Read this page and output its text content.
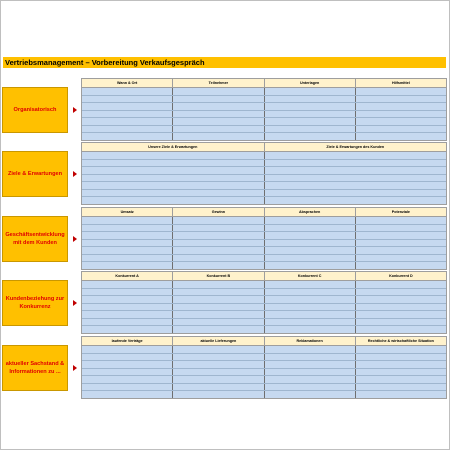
Vertriebsmanagement – Vorbereitung Verkaufsgespräch
Organisatorisch
Wann & Ort	Teilnehmer	Unterlagen	Hilfsmittel
Ziele & Erwartungen
Unsere Ziele & Erwartungen	Ziele & Erwartungen des Kunden
Geschäftsentwicklung mit dem Kunden
Umsatz	Gewinn	Absprachen	Potenziale
Kundenbeziehung zur Konkurrenz
Konkurrent A	Konkurrent B	Konkurrent C	Konkurrent D
aktueller Sachstand & Informationen zu ...
laufende Verträge	aktuelle Lieferungen	Reklamationen	Rechtliche & wirtschaftliche Situation
